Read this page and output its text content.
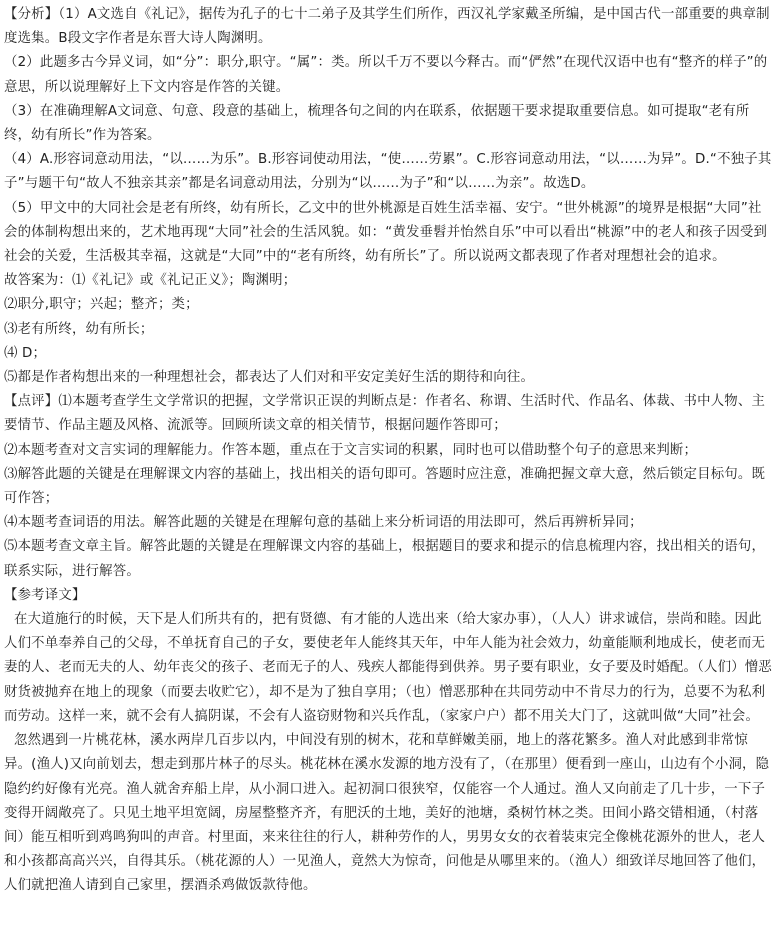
【分析】（1）A文选自《礼记》，据传为孔子的七十二弟子及其学生们所作，西汉礼学家戴圣所编，是中国古代一部重要的典章制度选集。B段文字作者是东晋大诗人陶渊明。

（2）此题多古今异义词，如“分”：职分,职守。“属”：类。所以千万不要以今释古。而“俨然”在现代汉语中也有“整齐的样子”的意思，所以说理解好上下文内容是作答的关键。

（3）在准确理解A文词意、句意、段意的基础上，梳理各句之间的内在联系，依据题干要求提取重要信息。如可提取“老有所终，幼有所长”作为答案。

（4）A.形容词意动用法，“以……为乐”。B.形容词使动用法，“使……劳累”。C.形容词意动用法，“以……为异”。D.“不独子其子”与题干句“故人不独亲其亲”都是名词意动用法，分别为“以……为子”和“以……为亲”。故选D。

（5）甲文中的大同社会是老有所终，幼有所长，乙文中的世外桃源是百姓生活幸福、安宁。“世外桃源”的境界是根据“大同”社会的体制构想出来的，艺术地再现“大同”社会的生活风貌。如：“黄发垂髫并怡然自乐”中可以看出“桃源”中的老人和孩子因受到社会的关爱，生活极其幸福，这就是“大同”中的“老有所终，幼有所长”了。所以说两文都表现了作者对理想社会的追求。

故答案为：⑴《礼记》或《礼记正义》；陶渊明；

⑵职分,职守；兴起；整齐；类；

⑶老有所终，幼有所长；

⑷ D；

⑸都是作者构想出来的一种理想社会，都表达了人们对和平安定美好生活的期待和向往。

【点评】⑴本题考查学生文学常识的把握，文学常识正误的判断点是：作者名、称谓、生活时代、作品名、体裁、书中人物、主要情节、作品主题及风格、流派等。回顾所读文章的相关情节，根据问题作答即可；

⑵本题考查对文言实词的理解能力。作答本题，重点在于文言实词的积累，同时也可以借助整个句子的意思来判断；

⑶解答此题的关键是在理解课文内容的基础上，找出相关的语句即可。答题时应注意，准确把握文章大意，然后锁定目标句。既可作答；

⑷本题考查词语的用法。解答此题的关键是在理解句意的基础上来分析词语的用法即可，然后再辨析异同；

⑸本题考查文章主旨。解答此题的关键是在理解课文内容的基础上，根据题目的要求和提示的信息梳理内容，找出相关的语句，联系实际，进行解答。

【参考译文】

在大道施行的时候，天下是人们所共有的，把有贤德、有才能的人选出来（给大家办事），（人人）讲求诚信，崇尚和睦。因此人们不单奉养自己的父母，不单抚育自己的子女，要使老年人能终其天年，中年人能为社会效力，幼童能顺利地成长，使老而无妻的人、老而无夫的人、幼年丧父的孩子、老而无子的人、残疾人都能得到供养。男子要有职业，女子要及时婚配。（人们）憎恶财货被抛弃在地上的现象（而要去收贮它），却不是为了独自享用；（也）憎恶那种在共同劳动中不肯尽力的行为，总要不为私利而劳动。这样一来，就不会有人搞阴谋，不会有人盗窃财物和兴兵作乱，（家家户户）都不用关大门了，这就叫做“大同”社会。

忽然遇到一片桃花林，溪水两岸几百步以内，中间没有别的树木，花和草鲜嫩美丽，地上的落花繁多。渔人对此感到非常惊异。(渔人)又向前划去，想走到那片林子的尽头。桃花林在溪水发源的地方没有了，（在那里）便看到一座山，山边有个小洞，隐隐约约好像有光亮。渔人就舍弃船上岸，从小洞口进入。起初洞口很狭窄，仅能容一个人通过。渔人又向前走了几十步，一下子变得开阔敞亮了。只见土地平坦宽阔，房屋整整齐齐，有肥沃的土地，美好的池塘，桑树竹林之类。田间小路交错相通，（村落间）能互相听到鸡鸣狗叫的声音。村里面，来来往往的行人，耕种劳作的人，男男女女的衣着装束完全像桃花源外的世人，老人和小孩都高高兴兴，自得其乐。（桃花源的人）一见渔人，竟然大为惊奇，问他是从哪里来的。（渔人）细致详尽地回答了他们，人们就把渔人请到自己家里，摆酒杀鸡做饭款待他。
